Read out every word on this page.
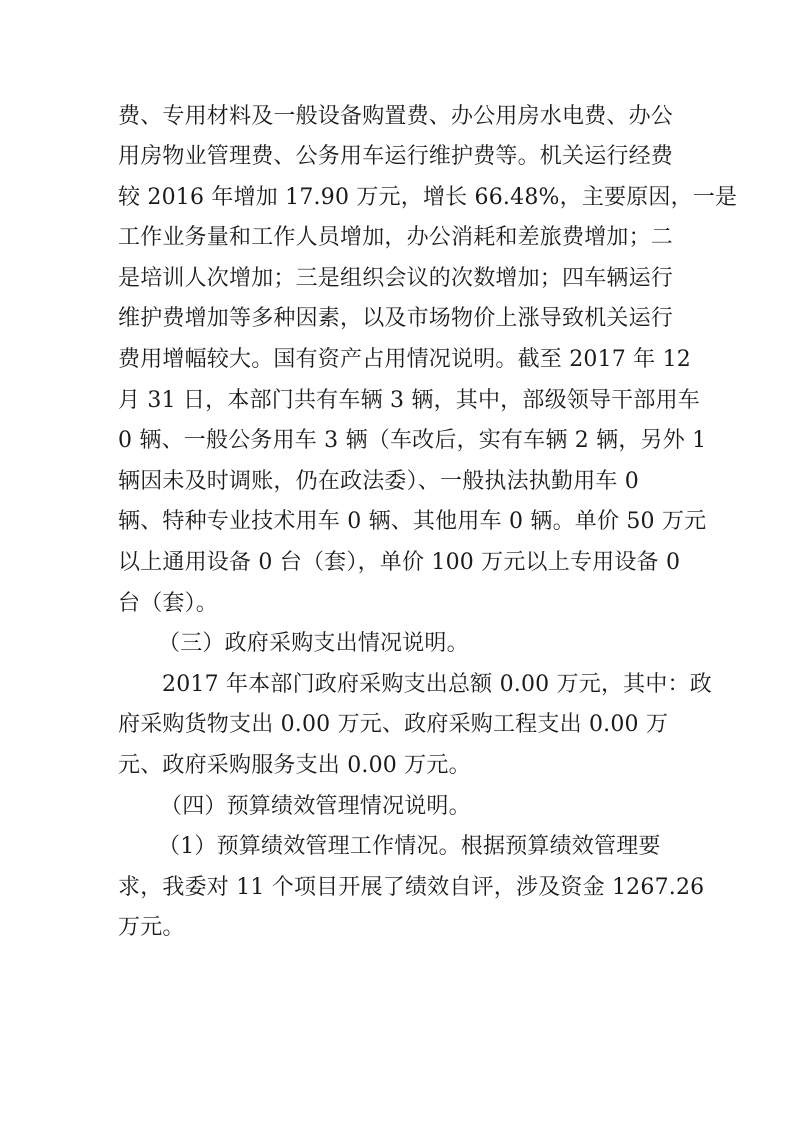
费、专用材料及一般设备购置费、办公用房水电费、办公
用房物业管理费、公务用车运行维护费等。机关运行经费
较 2016 年增加 17.90 万元，增长 66.48%，主要原因，一是
工作业务量和工作人员增加，办公消耗和差旅费增加；二
是培训人次增加；三是组织会议的次数增加；四车辆运行
维护费增加等多种因素，以及市场物价上涨导致机关运行
费用增幅较大。国有资产占用情况说明。截至 2017 年 12
月 31 日，本部门共有车辆 3 辆，其中，部级领导干部用车
0 辆、一般公务用车 3 辆（车改后，实有车辆 2 辆，另外 1
辆因未及时调账，仍在政法委）、一般执法执勤用车 0
辆、特种专业技术用车 0 辆、其他用车 0 辆。单价 50 万元
以上通用设备 0 台（套），单价 100 万元以上专用设备 0
台（套）。
（三）政府采购支出情况说明。
2017 年本部门政府采购支出总额 0.00 万元，其中：政
府采购货物支出 0.00 万元、政府采购工程支出 0.00 万
元、政府采购服务支出 0.00 万元。
（四）预算绩效管理情况说明。
（1）预算绩效管理工作情况。根据预算绩效管理要
求，我委对 11 个项目开展了绩效自评，涉及资金 1267.26
万元。
